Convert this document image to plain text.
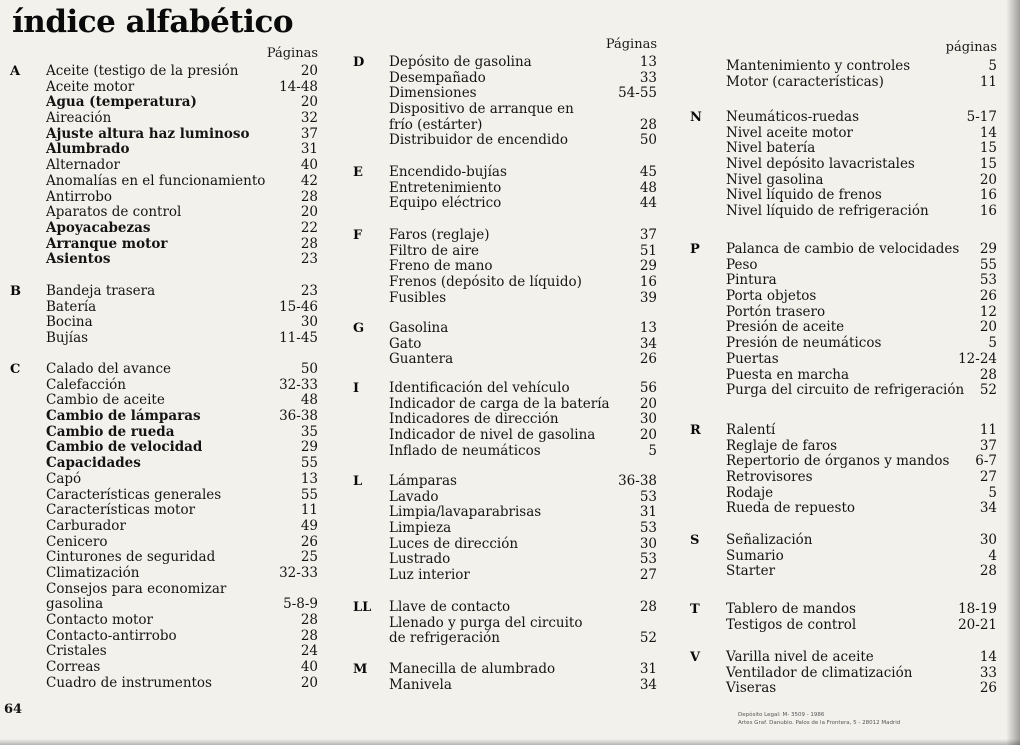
índice alfabético
Páginas
A Aceite (testigo de la presión	20
Aceite motor	14-48
Agua (temperatura)	20
Aireación	32
Ajuste altura haz luminoso	37
Alumbrado	31
Alternador	40
Anomalías en el funcionamiento	42
Antirrobo	28
Aparatos de control	20
Apoyacabezas	22
Arranque motor	28
Asientos	23
B Bandeja trasera	23
Batería	15-46
Bocina	30
Bujías	11-45
C Calado del avance	50
Calefacción	32-33
Cambio de aceite	48
Cambio de lámparas	36-38
Cambio de rueda	35
Cambio de velocidad	29
Capacidades	55
Capó	13
Características generales	55
Características motor	11
Carburador	49
Cenicero	26
Cinturones de seguridad	25
Climatización	32-33
Consejos para economizar
gasolina	5-8-9
Contacto motor	28
Contacto-antirrobo	28
Cristales	24
Correas	40
Cuadro de instrumentos	20
Páginas
D Depósito de gasolina	13
Desempañado	33
Dimensiones	54-55
Dispositivo de arranque en
frío (estárter)	28
Distribuidor de encendido	50
E Encendido-bujías	45
Entretenimiento	48
Equipo eléctrico	44
F Faros (reglaje)	37
Filtro de aire	51
Freno de mano	29
Frenos (depósito de líquido)	16
Fusibles	39
G Gasolina	13
Gato	34
Guantera	26
I Identificación del vehículo	56
Indicador de carga de la batería 20
Indicadores de dirección	30
Indicador de nivel de gasolina	20
Inflado de neumáticos	5
L Lámparas	36-38
Lavado	53
Limpia/lavaparabrisas	31
Limpieza	53
Luces de dirección	30
Lustrado	53
Luz interior	27
LL Llave de contacto	28
Llenado y purga del circuito
de refrigeración	52
M Manecilla de alumbrado	31
Manivela	34
páginas
Mantenimiento y controles	5
Motor (características)	11
N Neumáticos-ruedas	5-17
Nivel aceite motor	14
Nivel batería	15
Nivel depósito lavacristales	15
Nivel gasolina	20
Nivel líquido de frenos	16
Nivel líquido de refrigeración	16
P Palanca de cambio de velocidades 29
Peso	55
Pintura	53
Porta objetos	26
Portón trasero	12
Presión de aceite	20
Presión de neumáticos	5
Puertas	12-24
Puesta en marcha	28
Purga del circuito de refrigeración 52
R Ralentí	11
Reglaje de faros	37
Repertorio de órganos y mandos 6-7
Retrovisores	27
Rodaje	5
Rueda de repuesto	34
S Señalización	30
Sumario	4
Starter	28
T Tablero de mandos	18-19
Testigos de control	20-21
V Varilla nivel de aceite	14
Ventilador de climatización	33
Viseras	26
64	Depósito Legal: M- 3509 - 1986
Artes Graf. Danubio. Palos de la Frontera, 5 - 28012 Madrid
